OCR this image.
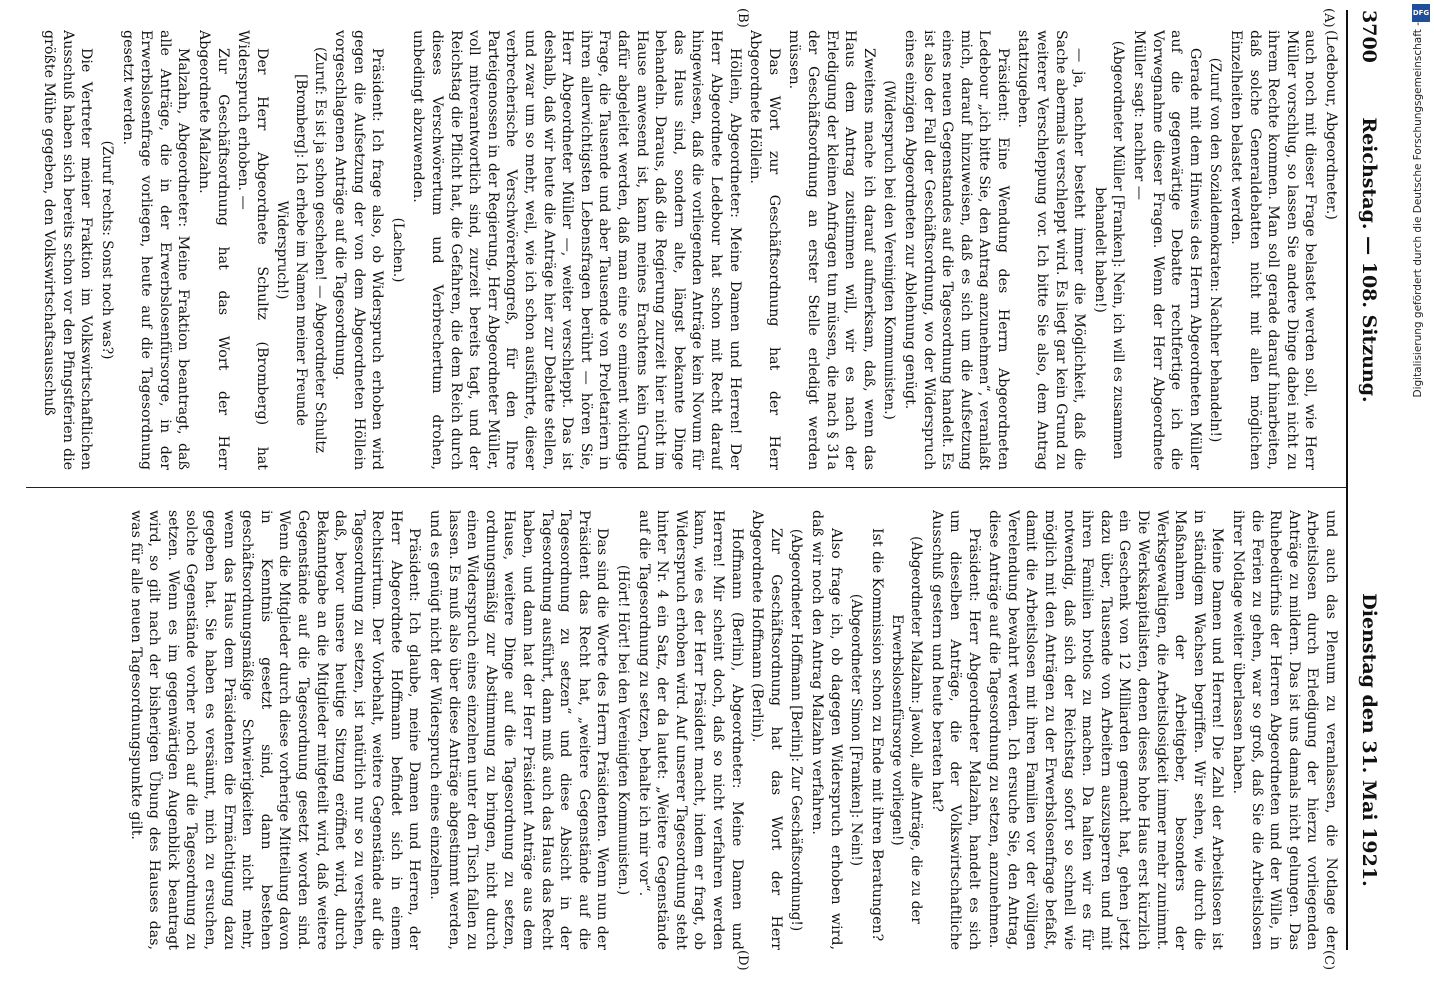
3700
Reichstag. — 108. Sitzung.
Dienstag den 31. Mai 1921.
(A)
(B)
(C)
(D)

(Ledebour, Abgeordneter.)

auch noch mit dieser Frage belastet werden soll, wie Herr Müller vorschlug, so lassen Sie andere Dinge dabei nicht zu ihrem Rechte kommen. Man soll gerade darauf hinarbeiten, daß solche Generaldebatten nicht mit allen möglichen Einzelheiten belastet werden.

(Zuruf von den Sozialdemokraten: Nachher behandeln!)

Gerade mit dem Hinweis des Herrn Abgeordneten Müller auf die gegenwärtige Debatte rechtfertige ich die Vorwegnahme dieser Fragen. Wenn der Herr Abgeordnete Müller sagt: nachher —

(Abgeordneter Müller [Franken]: Nein, ich will es zusammen behandelt haben!)

— ja, nachher besteht immer die Möglichkeit, daß die Sache abermals verschleppt wird. Es liegt gar kein Grund zu weiterer Verschleppung vor. Ich bitte Sie also, dem Antrag stattzugeben.

Präsident: Eine Wendung des Herrn Abgeordneten Ledebour „ich bitte Sie, den Antrag anzunehmen“, veranlaßt mich, darauf hinzuweisen, daß es sich um die Aufsetzung eines neuen Gegenstandes auf die Tagesordnung handelt. Es ist also der Fall der Geschäftsordnung, wo der Widerspruch eines einzigen Abgeordneten zur Ablehnung genügt.

(Widerspruch bei den Vereinigten Kommunisten.)

Zweitens mache ich darauf aufmerksam, daß, wenn das Haus dem Antrag zustimmen will, wir es nach der Erledigung der kleinen Anfragen tun müssen, die nach § 31a der Geschäftsordnung an erster Stelle erledigt werden müssen.

Das Wort zur Geschäftsordnung hat der Herr Abgeordnete Höllein.

Höllein, Abgeordneter: Meine Damen und Herren! Der Herr Abgeordnete Ledebour hat schon mit Recht darauf hingewiesen, daß die vorliegenden Anträge kein Novum für das Haus sind, sondern alte, längst bekannte Dinge behandeln. Daraus, daß die Regierung zurzeit hier nicht im Hause anwesend ist, kann meines Erachtens kein Grund dafür abgeleitet werden, daß man eine so eminent wichtige Frage, die Tausende und aber Tausende von Proletariern in ihren allerwichtigsten Lebensfragen berührt — hören Sie, Herr Abgeordneter Müller —, weiter verschleppt. Das ist deshalb, daß wir heute die Anträge hier zur Debatte stellen, und zwar um so mehr, weil, wie ich schon ausführte, dieser verbrecherische Verschwörerkongreß, für den Ihre Parteigenossen in der Regierung, Herr Abgeordneter Müller, voll mitverantwortlich sind, zurzeit bereits tagt, und der Reichstag die Pflicht hat, die Gefahren, die dem Reich durch dieses Verschwörertum und Verbrechertum drohen, unbedingt abzuwenden.

(Lachen.)

Präsident: Ich frage also, ob Widerspruch erhoben wird gegen die Aufsetzung der von dem Abgeordneten Höllein vorgeschlagenen Anträge auf die Tagesordnung.

(Zuruf: Es ist ja schon geschehen! — Abgeordneter Schultz [Bromberg]: Ich erhebe im Namen meiner Freunde Widerspruch!)

Der Herr Abgeordnete Schultz (Bromberg) hat Widerspruch erhoben. —

Zur Geschäftsordnung hat das Wort der Herr Abgeordnete Malzahn.

Malzahn, Abgeordneter: Meine Fraktion beantragt, daß alle Anträge, die in der Erwerbslosenfürsorge, in der Erwerbslosenfrage vorliegen, heute auf die Tagesordnung gesetzt werden.

(Zuruf rechts: Sonst noch was?)

Die Vertreter meiner Fraktion im Volkswirtschaftlichen Ausschuß haben sich bereits schon vor den Pfingstferien die größte Mühe gegeben, den Volkswirtschaftsausschuß

und auch das Plenum zu veranlassen, die Notlage der Arbeitslosen durch Erledigung der hierzu vorliegenden Anträge zu mildern. Das ist uns damals nicht gelungen. Das Ruhebedürfnis der Herren Abgeordneten und der Wille, in die Ferien zu gehen, war so groß, daß Sie die Arbeitslosen ihrer Notlage weiter überlassen haben.

Meine Damen und Herren! Die Zahl der Arbeitslosen ist in ständigem Wachsen begriffen. Wir sehen, wie durch die Maßnahmen der Arbeitgeber, besonders der Werksgewaltigen, die Arbeitslosigkeit immer mehr zunimmt. Die Werkskapitalisten, denen dieses hohe Haus erst kürzlich ein Geschenk von 12 Milliarden gemacht hat, gehen jetzt dazu über, Tausende von Arbeitern auszusperren und mit ihren Familien brotlos zu machen. Da halten wir es für notwendig, daß sich der Reichstag sofort so schnell wie möglich mit den Anträgen zu der Erwerbslosenfrage befaßt, damit die Arbeitslosen mit ihren Familien vor der völligen Verelendung bewahrt werden. Ich ersuche Sie, den Antrag, diese Anträge auf die Tagesordnung zu setzen, anzunehmen.

Präsident: Herr Abgeordneter Malzahn, handelt es sich um dieselben Anträge, die der Volkswirtschaftliche Ausschuß gestern und heute beraten hat?

(Abgeordneter Malzahn: Jawohl, alle Anträge, die zu der Erwerbslosenfürsorge vorliegen!)

Ist die Kommission schon zu Ende mit ihren Beratungen?

(Abgeordneter Simon [Franken]: Nein!)

Also frage ich, ob dagegen Widerspruch erhoben wird, daß wir noch den Antrag Malzahn verfahren.

(Abgeordneter Hoffmann [Berlin]: Zur Geschäftsordnung!)

Zur Geschäftsordnung hat das Wort der Herr Abgeordnete Hoffmann (Berlin).

Hoffmann (Berlin), Abgeordneter: Meine Damen und Herren! Mir scheint doch, daß so nicht verfahren werden kann, wie es der Herr Präsident macht, indem er fragt, ob Widerspruch erhoben wird. Auf unserer Tagesordnung steht hinter Nr. 4 ein Satz, der da lautet: „Weitere Gegenstände auf die Tagesordnung zu setzen, behalte ich mir vor“.

(Hört! Hört! bei den Vereinigten Kommunisten.)

Das sind die Worte des Herrn Präsidenten. Wenn nun der Präsident das Recht hat, „weitere Gegenstände auf die Tagesordnung zu setzen“ und diese Absicht in der Tagesordnung ausführt, dann muß auch das Haus das Recht haben, und dann hat der Herr Präsident Anträge aus dem Hause, weitere Dinge auf die Tagesordnung zu setzen, ordnungsmäßig zur Abstimmung zu bringen, nicht durch einen Widerspruch eines einzelnen unter den Tisch fallen zu lassen. Es muß also über diese Anträge abgestimmt werden, und es genügt nicht der Widerspruch eines einzelnen.

Präsident: Ich glaube, meine Damen und Herren, der Herr Abgeordnete Hoffmann befindet sich in einem Rechtsirrtum. Der Vorbehalt, weitere Gegenstände auf die Tagesordnung zu setzen, ist natürlich nur so zu verstehen, daß, bevor unsere heutige Sitzung eröffnet wird, durch Bekanntgabe an die Mitglieder mitgeteilt wird, daß weitere Gegenstände auf die Tagesordnung gesetzt worden sind. Wenn die Mitglieder durch diese vorherige Mitteilung davon in Kenntnis gesetzt sind, dann bestehen geschäftsordnungsmäßige Schwierigkeiten nicht mehr, wenn das Haus dem Präsidenten die Ermächtigung dazu gegeben hat. Sie haben es versäumt, mich zu ersuchen, solche Gegenstände vorher noch auf die Tagesordnung zu setzen. Wenn es im gegenwärtigen Augenblick beantragt wird, so gilt nach der bisherigen Übung des Hauses das, was für alle neuen Tagesordnungspunkte gilt.

DFG
Digitalisierung gefördert durch die Deutsche Forschungsgemeinschaft -
